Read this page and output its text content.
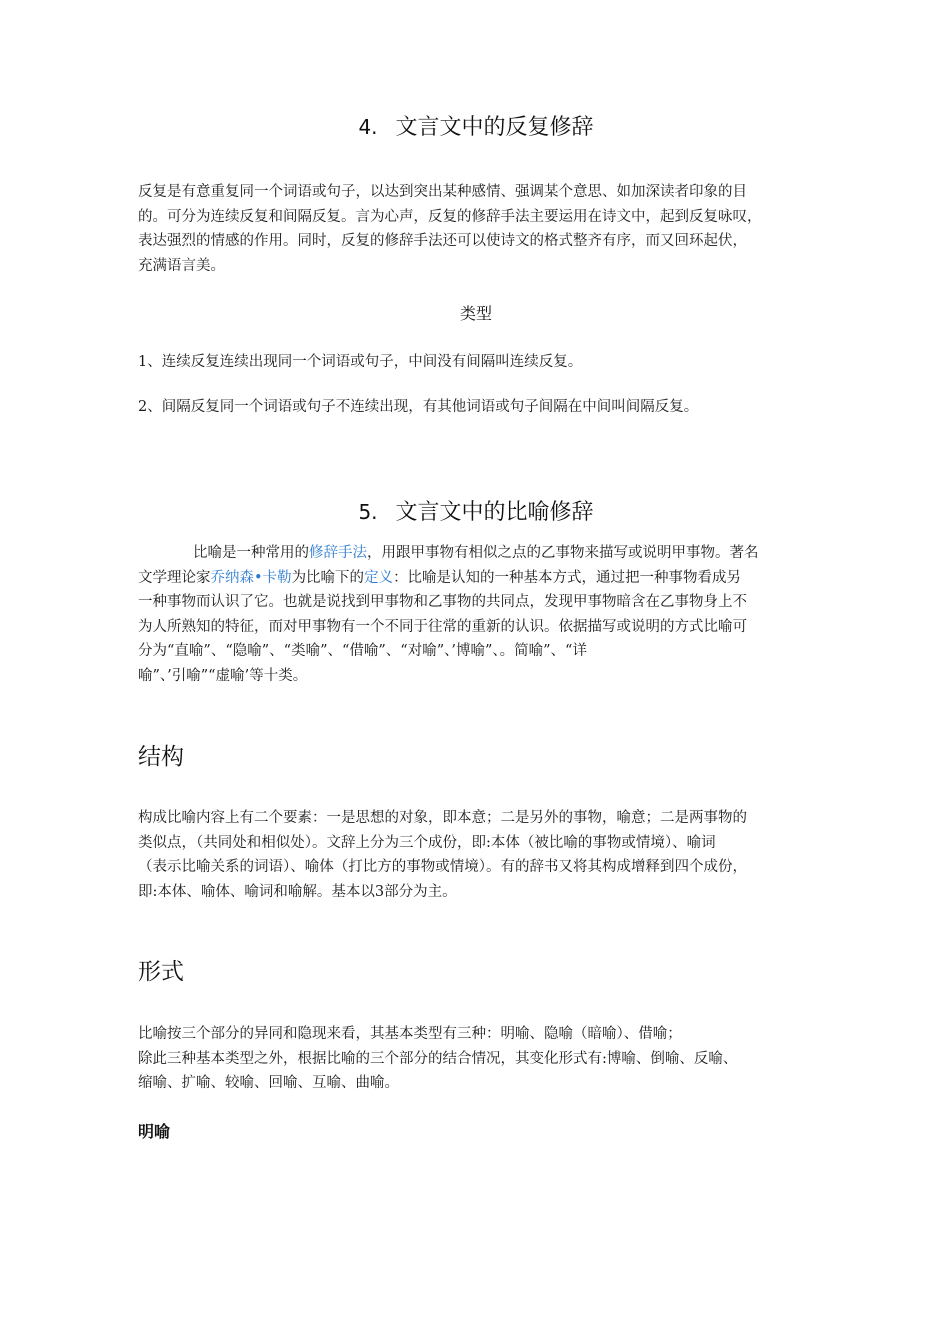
4. 文言文中的反复修辞
反复是有意重复同一个词语或句子，以达到突出某种感情、强调某个意思、如加深读者印象的目
的。可分为连续反复和间隔反复。言为心声，反复的修辞手法主要运用在诗文中，起到反复咏叹，
表达强烈的情感的作用。同时，反复的修辞手法还可以使诗文的格式整齐有序，而又回环起伏，
充满语言美。
类型
1、连续反复连续出现同一个词语或句子，中间没有间隔叫连续反复。
2、间隔反复同一个词语或句子不连续出现，有其他词语或句子间隔在中间叫间隔反复。
5. 文言文中的比喻修辞
比喻是一种常用的修辞手法，用跟甲事物有相似之点的乙事物来描写或说明甲事物。著名
文学理论家乔纳森•卡勒为比喻下的定义：比喻是认知的一种基本方式，通过把一种事物看成另
一种事物而认识了它。也就是说找到甲事物和乙事物的共同点，发现甲事物暗含在乙事物身上不
为人所熟知的特征，而对甲事物有一个不同于往常的重新的认识。依据描写或说明的方式比喻可
分为“直喻”、“隐喻”、“类喻”、“借喻”、“对喻”、’博喻”、。简喻”、“详
喻”、’引喻”“虚喻’等十类。
结构
构成比喻内容上有二个要素：一是思想的对象，即本意；二是另外的事物，喻意；二是两事物的
类似点，（共同处和相似处）。文辞上分为三个成份，即:本体（被比喻的事物或情境）、喻词
（表示比喻关系的词语）、喻体（打比方的事物或情境）。有的辞书又将其构成增释到四个成份，
即:本体、喻体、喻词和喻解。基本以3部分为主。
形式
比喻按三个部分的异同和隐现来看，其基本类型有三种：明喻、隐喻（暗喻）、借喻；
除此三种基本类型之外，根据比喻的三个部分的结合情况，其变化形式有:博喻、倒喻、反喻、
缩喻、扩喻、较喻、回喻、互喻、曲喻。
明喻
